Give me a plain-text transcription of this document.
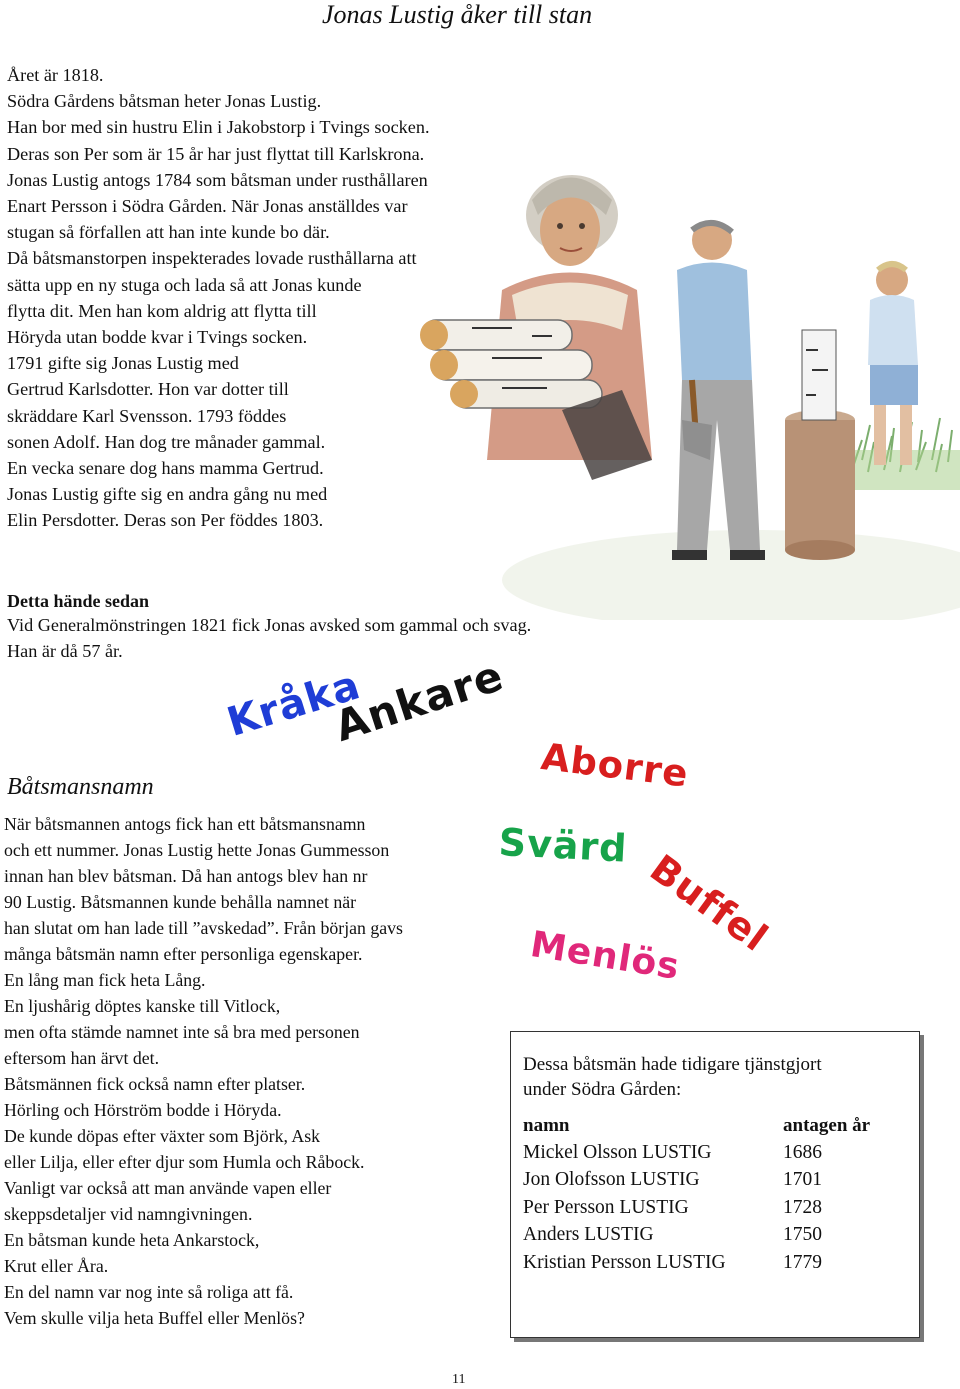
Jonas Lustig åker till stan
Året är 1818.
Södra Gårdens båtsman heter Jonas Lustig.
Han bor med sin hustru Elin i Jakobstorp i Tvings socken.
Deras son Per som är 15 år har just flyttat till Karlskrona.
Jonas Lustig antogs 1784 som båtsman under rusthållaren
Enart Persson i Södra Gården. När Jonas anställdes var
stugan så förfallen att han inte kunde bo där.
Då båtsmanstorpen inspekterades lovade rusthållarna att
sätta upp en ny stuga och lada så att Jonas kunde
flytta dit. Men han kom aldrig att flytta till
Höryda utan bodde kvar i Tvings socken.
1791 gifte sig Jonas Lustig med
Gertrud Karlsdotter. Hon var dotter till
skräddare Karl Svensson. 1793 föddes
sonen Adolf. Han dog tre månader gammal.
En vecka senare dog hans mamma Gertrud.
Jonas Lustig gifte sig en andra gång nu med
Elin Persdotter. Deras son Per föddes 1803.
Detta hände sedan
Vid Generalmönstringen 1821 fick Jonas avsked som gammal och svag.
Han är då 57 år.
Kråka
Ankare
Aborre
Svärd
Buffel
Menlös
Båtsmansnamn
När båtsmannen antogs fick han ett båtsmansnamn
och ett nummer. Jonas Lustig hette Jonas Gummesson
innan han blev båtsman. Då han antogs blev han nr
90 Lustig. Båtsmannen kunde behålla namnet när
han slutat om han lade till ”avskedad”. Från början gavs
många båtsmän namn efter personliga egenskaper.
En lång man fick heta Lång.
En ljushårig döptes kanske till Vitlock,
men ofta stämde namnet inte så bra med personen
eftersom han ärvt det.
Båtsmännen fick också namn efter platser.
Hörling och Hörström bodde i Höryda.
De kunde döpas efter växter som Björk, Ask
eller Lilja, eller efter djur som Humla och Råbock.
Vanligt var också att man använde vapen eller
skeppsdetaljer vid namngivningen.
En båtsman kunde heta Ankarstock,
Krut eller Åra.
En del namn var nog inte så roliga att få.
Vem skulle vilja heta Buffel eller Menlös?
Dessa båtsmän hade tidigare tjänstgjort
under Södra Gården:
namn	antagen år
Mickel Olsson LUSTIG	1686
Jon Olofsson LUSTIG	1701
Per Persson LUSTIG	1728
Anders LUSTIG	1750
Kristian Persson LUSTIG	1779
11
